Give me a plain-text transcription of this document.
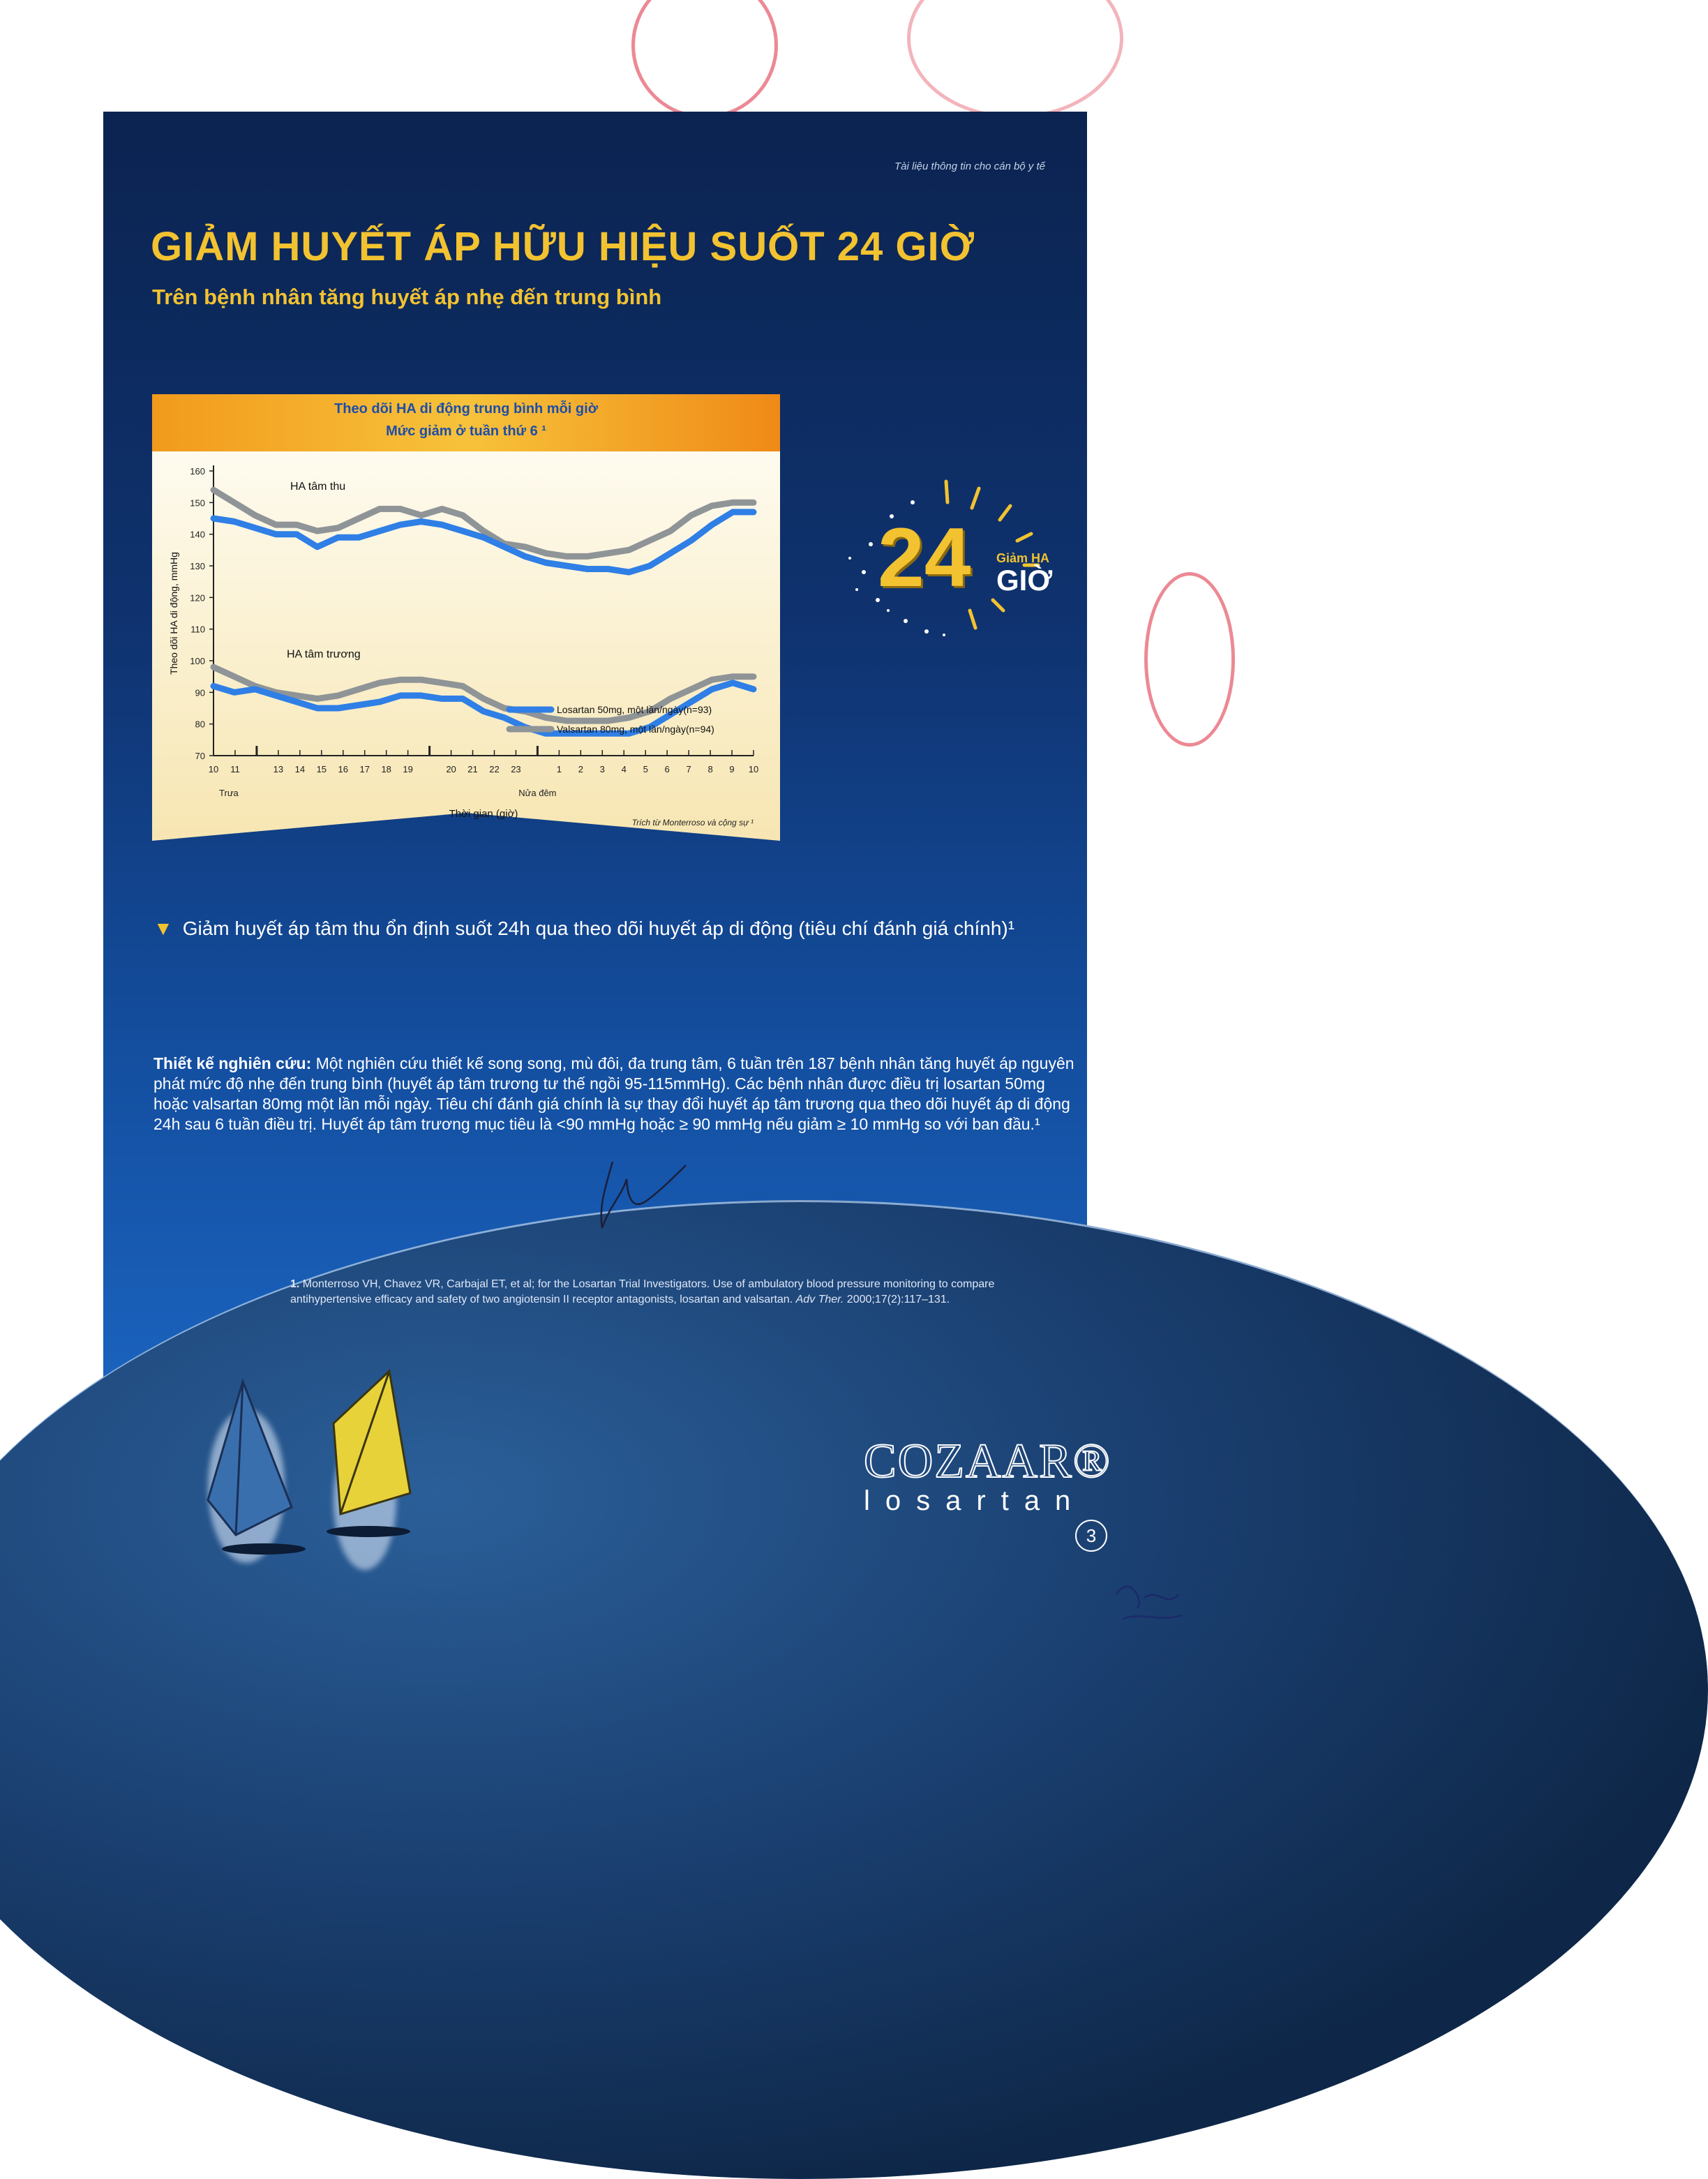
Tài liệu thông tin cho cán bộ y tế
GIẢM HUYẾT ÁP HỮU HIỆU SUỐT 24 GIỜ
Trên bệnh nhân tăng huyết áp nhẹ đến trung bình
Theo dõi HA di động trung bình mỗi giờ
Mức giảm ở tuần thứ 6 ¹
70
80
90
100
110
120
130
140
150
160
10 11	13 14 15 16 17 18 19	20 21 22 23	1 2 3 4 5 6 7 8 9 10
Trưa	Nửa đêm
Thời gian (giờ)
Theo dõi HA di động, mmHg
HA tâm thu
HA tâm trương
Losartan 50mg, một lần/ngày(n=93)
Valsartan 80mg, một lần/ngày(n=94)
Trích từ Monterroso và cộng sự ¹
24 Giảm HA
GIỜ
▼ Giảm huyết áp tâm thu ổn định suốt 24h qua theo dõi huyết áp di động (tiêu chí đánh giá chính)¹
Thiết kế nghiên cứu: Một nghiên cứu thiết kế song song, mù đôi, đa trung tâm, 6 tuần trên 187 bệnh nhân tăng huyết áp nguyên phát mức độ nhẹ đến trung bình (huyết áp tâm trương tư thế ngồi 95-115mmHg). Các bệnh nhân được điều trị losartan 50mg hoặc valsartan 80mg một lần mỗi ngày. Tiêu chí đánh giá chính là sự thay đổi huyết áp tâm trương qua theo dõi huyết áp di động 24h sau 6 tuần điều trị. Huyết áp tâm trương mục tiêu là <90 mmHg hoặc ≥ 90 mmHg nếu giảm ≥ 10 mmHg so với ban đầu.¹
1. Monterroso VH, Chavez VR, Carbajal ET, et al; for the Losartan Trial Investigators. Use of ambulatory blood pressure monitoring to compare antihypertensive efficacy and safety of two angiotensin II receptor antagonists, losartan and valsartan. Adv Ther. 2000;17(2):117–131.
COZAAR®
losartan
3
